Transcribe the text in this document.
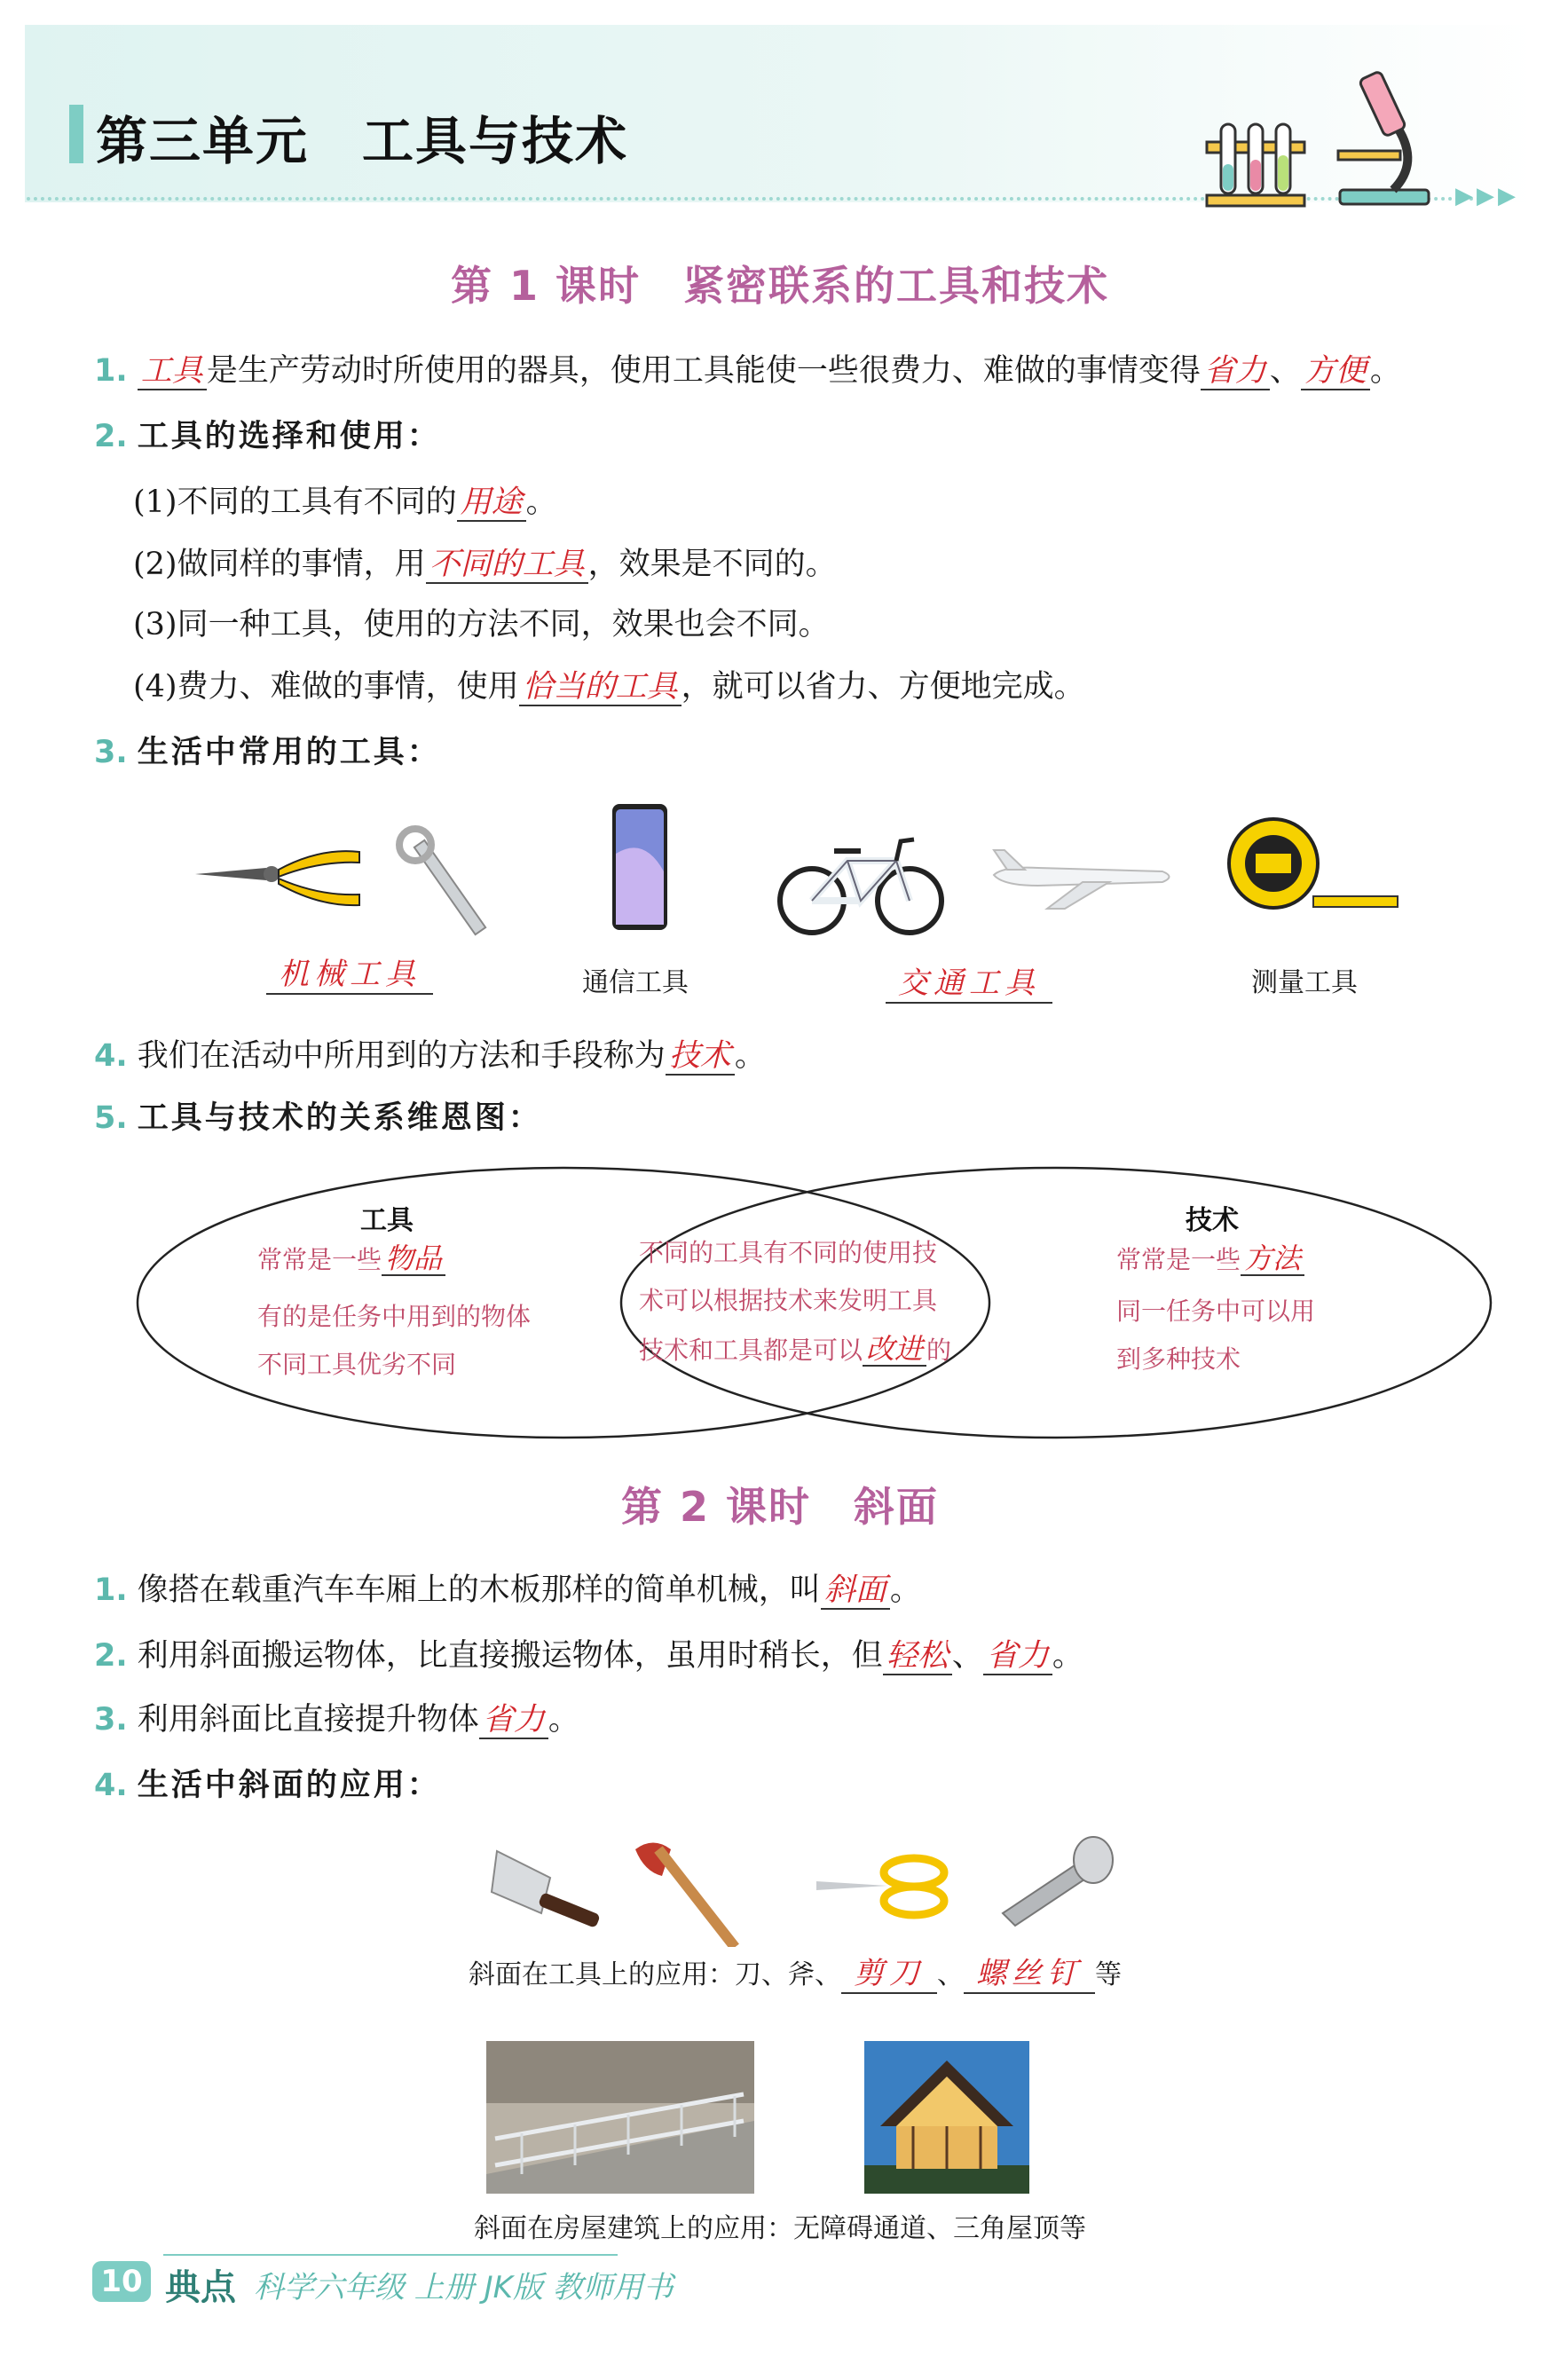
第三单元　工具与技术
▶▶▶
第 1 课时　紧密联系的工具和技术
1. 工具 是生产劳动时所使用的器具，使用工具能使一些很费力、难做的事情变得 省力 、 方便 。
2. 工具的选择和使用：
(1)不同的工具有不同的 用途 。
(2)做同样的事情，用 不同的工具 ，效果是不同的。
(3)同一种工具，使用的方法不同，效果也会不同。
(4)费力、难做的事情，使用 恰当的工具 ，就可以省力、方便地完成。
3. 生活中常用的工具：
机械工具	通信工具	交通工具	测量工具
4. 我们在活动中所用到的方法和手段称为 技术 。
5. 工具与技术的关系维恩图：
工具
常常是一些 物品
有的是任务中用到的物体
不同工具优劣不同
不同的工具有不同的使用技
术可以根据技术来发明工具
技术和工具都是可以 改进 的
技术
常常是一些 方法
同一任务中可以用
到多种技术
第 2 课时　斜面
1. 像搭在载重汽车车厢上的木板那样的简单机械，叫 斜面 。
2. 利用斜面搬运物体，比直接搬运物体，虽用时稍长，但 轻松 、 省力 。
3. 利用斜面比直接提升物体 省力 。
4. 生活中斜面的应用：
斜面在工具上的应用：刀、斧、 剪刀 、 螺丝钉 等
斜面在房屋建筑上的应用：无障碍通道、三角屋顶等
10 典点 科学六年级 上册 JK版 教师用书
